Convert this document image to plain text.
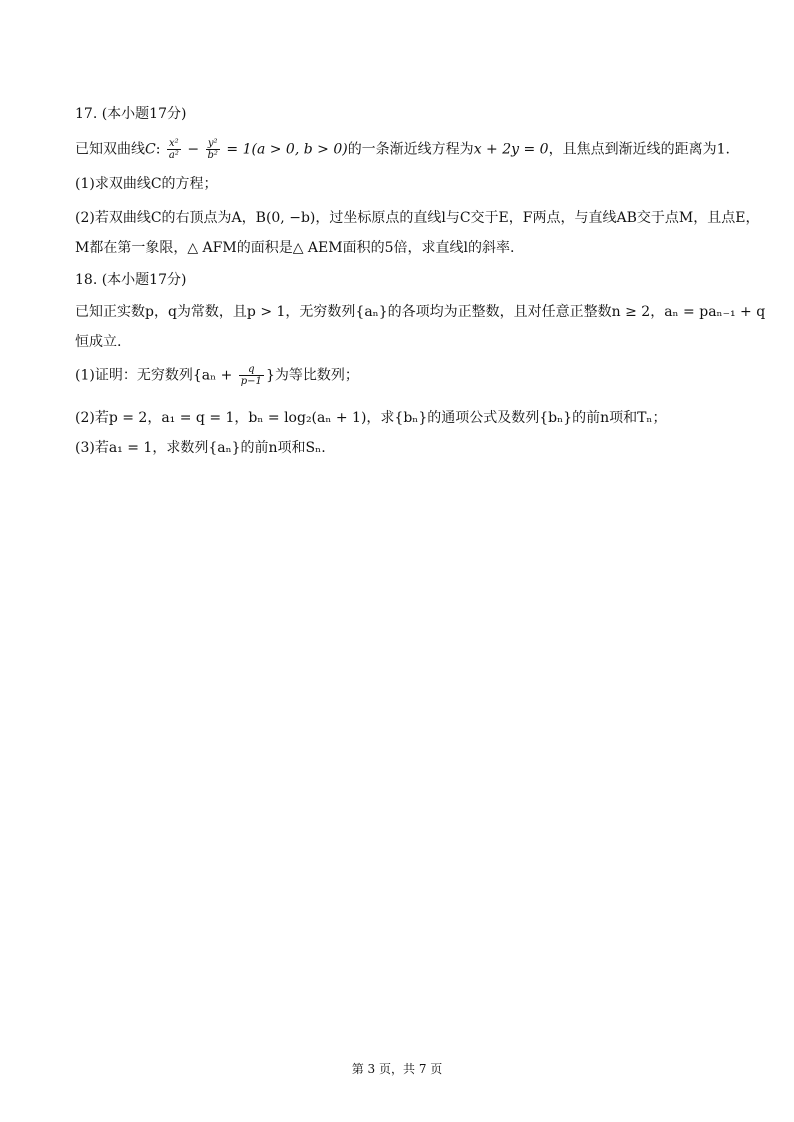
17. (本小题17分)
已知双曲线C: $\frac{\text{x²}}{\text{a²}} - \frac{\text{y²}}{\text{b²}} = 1(a > 0$, b > 0)的一条渐近线方程为x + 2y = 0，且焦点到渐近线的距离为1.
(1)求双曲线C的方程；
(2)若双曲线C的右顶点为A，B(0, −b)，过坐标原点的直线l与C交于E，F两点，与直线AB交于点M，且点E，
M都在第一象限，△ AFM的面积是△ AEM面积的5倍，求直线l的斜率.
18. (本小题17分)
已知正实数p，q为常数，且p > 1，无穷数列{aₙ}的各项均为正整数，且对任意正整数n ≥ 2，aₙ = paₙ₋₁ + q
恒成立.
(1)证明：无穷数列{$a_n + \frac{q}{p-1}$ }为等比数列；
(2)若p = 2，a₁ = q = 1，bₙ = log₂(aₙ + 1)，求{bₙ}的通项公式及数列{bₙ}的前n项和Tₙ；
(3)若a₁ = 1，求数列{aₙ}的前n项和Sₙ.
第 3 页，共 7 页
